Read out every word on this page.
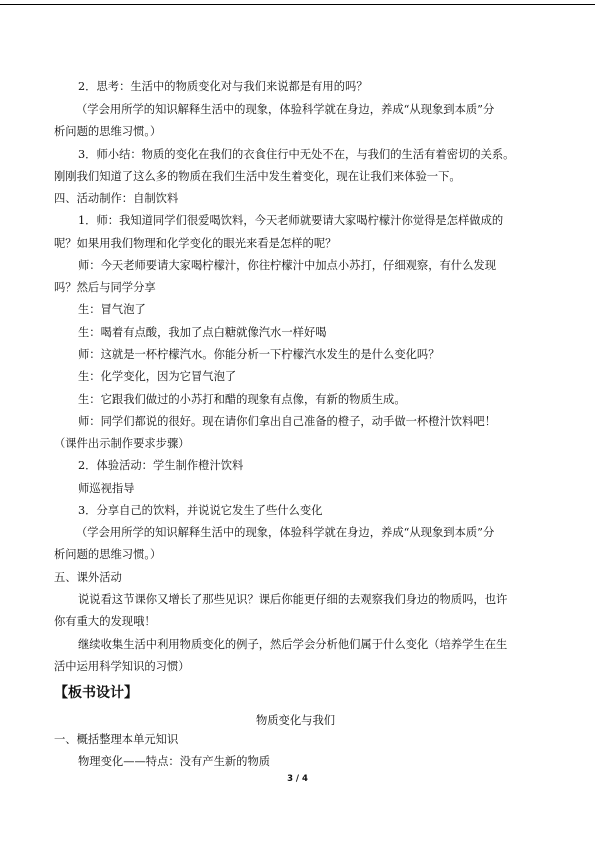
2．思考：生活中的物质变化对与我们来说都是有用的吗？
（学会用所学的知识解释生活中的现象，体验科学就在身边，养成“从现象到本质”分
析问题的思维习惯。）
3．师小结：物质的变化在我们的衣食住行中无处不在，与我们的生活有着密切的关系。
刚刚我们知道了这么多的物质在我们生活中发生着变化，现在让我们来体验一下。
四、活动制作：自制饮料
1．师：我知道同学们很爱喝饮料，今天老师就要请大家喝柠檬汁你觉得是怎样做成的
呢？如果用我们物理和化学变化的眼光来看是怎样的呢？
师：今天老师要请大家喝柠檬汁，你往柠檬汁中加点小苏打，仔细观察，有什么发现
吗？然后与同学分享
生：冒气泡了
生：喝着有点酸，我加了点白糖就像汽水一样好喝
师：这就是一杯柠檬汽水。你能分析一下柠檬汽水发生的是什么变化吗？
生：化学变化，因为它冒气泡了
生：它跟我们做过的小苏打和醋的现象有点像，有新的物质生成。
师：同学们都说的很好。现在请你们拿出自己准备的橙子，动手做一杯橙汁饮料吧！
（课件出示制作要求步骤）
2．体验活动：学生制作橙汁饮料
师巡视指导
3．分享自己的饮料，并说说它发生了些什么变化
（学会用所学的知识解释生活中的现象，体验科学就在身边，养成“从现象到本质”分
析问题的思维习惯。）
五、课外活动
说说看这节课你又增长了那些见识？课后你能更仔细的去观察我们身边的物质吗，也许
你有重大的发现哦！
继续收集生活中利用物质变化的例子，然后学会分析他们属于什么变化（培养学生在生
活中运用科学知识的习惯）
【板书设计】
物质变化与我们
一、概括整理本单元知识
物理变化——特点：没有产生新的物质
3 / 4
